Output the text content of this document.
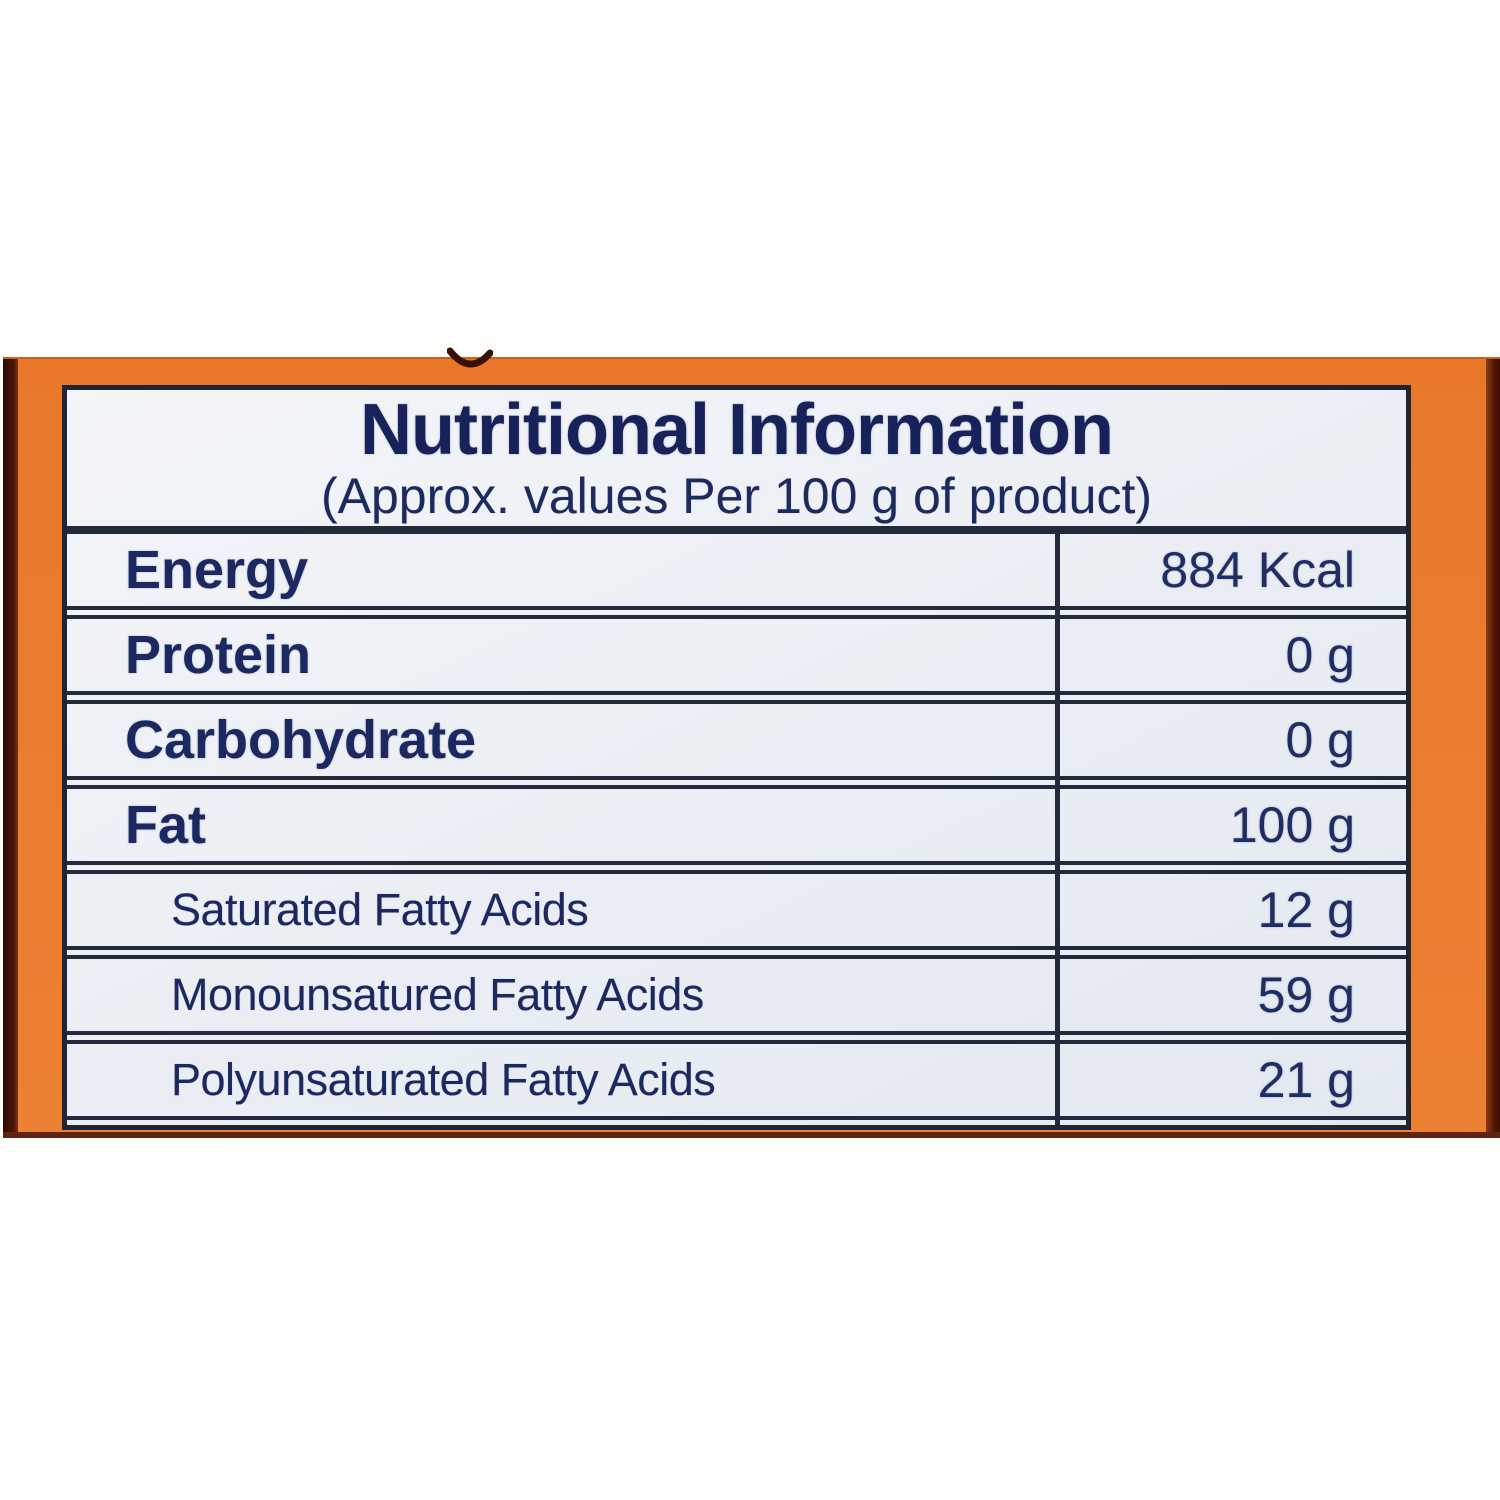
Nutritional Information
(Approx. values Per 100 g of product)
Energy	884 Kcal
Protein	0 g
Carbohydrate	0 g
Fat	100 g
Saturated Fatty Acids	12 g
Monounsatured Fatty Acids	59 g
Polyunsaturated Fatty Acids	21 g
